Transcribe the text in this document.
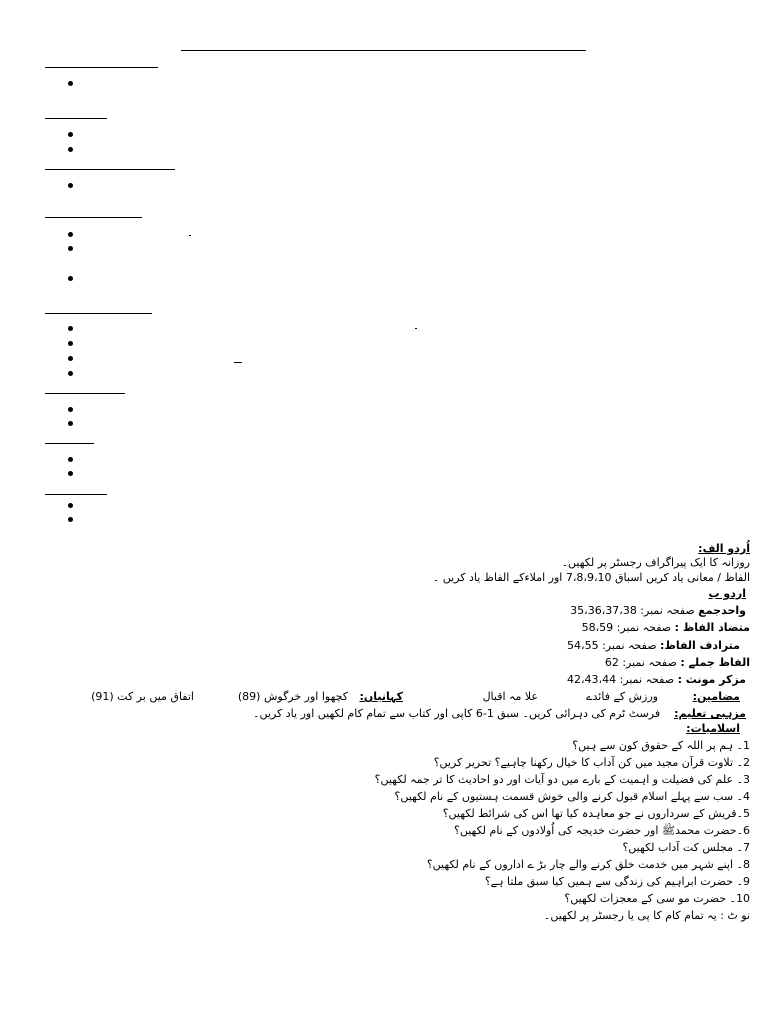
اُردو الف:
روزانہ کا ایک پیراگراف رجسٹر پر لکھیں۔
الفاظ / معانی یاد کریں اسباق 7،8،9،10 اور املاءکے الفاظ یاد کریں ۔
اردو ب
واحدجمع صفحہ نمبر: 35،36،37،38
متضاد الفاظ : صفحہ نمبر: 58،59
مترادف الفاظ: صفحہ نمبر: 54،55
الفاظ جملے : صفحہ نمبر: 62
مزکر مونث : صفحہ نمبر: 42،43،44
مضامین:
ورزش کے فائدے
علا مہ اقبال
کہانیاں:
کچھوا اور خرگوش (89)
اتفاق میں بر کت (91)
مزہبی تعلیم:    فرسٹ ٹرم کی دہرائی کریں۔ سبق 1-6 کاپی اور کتاب سے تمام کام لکھیں اور یاد کریں۔
اسلامیات:
1۔ ہم پر اللہ کے حقوق کون سے ہیں؟
2۔ تلاوت قرآن مجید میں کن آداب کا خیال رکھنا چاہیے؟ تحریر کریں؟
3۔ علم کی فضیلت و اہمیت کے بارے میں دو آیات اور دو احادیث کا تر جمہ لکھیں؟
4۔ سب سے پہلے اسلام قبول کرنے والی خوش قسمت ہستیوں کے نام لکھیں؟
5۔قریش کے سرداروں نے جو معاہدہ کیا تھا اس کی شرائط لکھیں؟
6۔حضرت محمدﷺ اور حضرت خدیجہ کی اُولادوں کے نام لکھیں؟
7۔ مجلس کت آداب لکھیں؟
8۔ اپنے شہر میں خدمت خلق کرنے والے چار بڑ ے اداروں کے نام لکھیں؟
9۔ حضرت ابراہیم کی زندگی سے ہمیں کیا سبق ملتا ہے؟
10۔ حضرت مو سی کے معجزات لکھیں؟
نو ٹ : یہ تمام کام کا پی یا رجسٹر پر لکھیں۔
